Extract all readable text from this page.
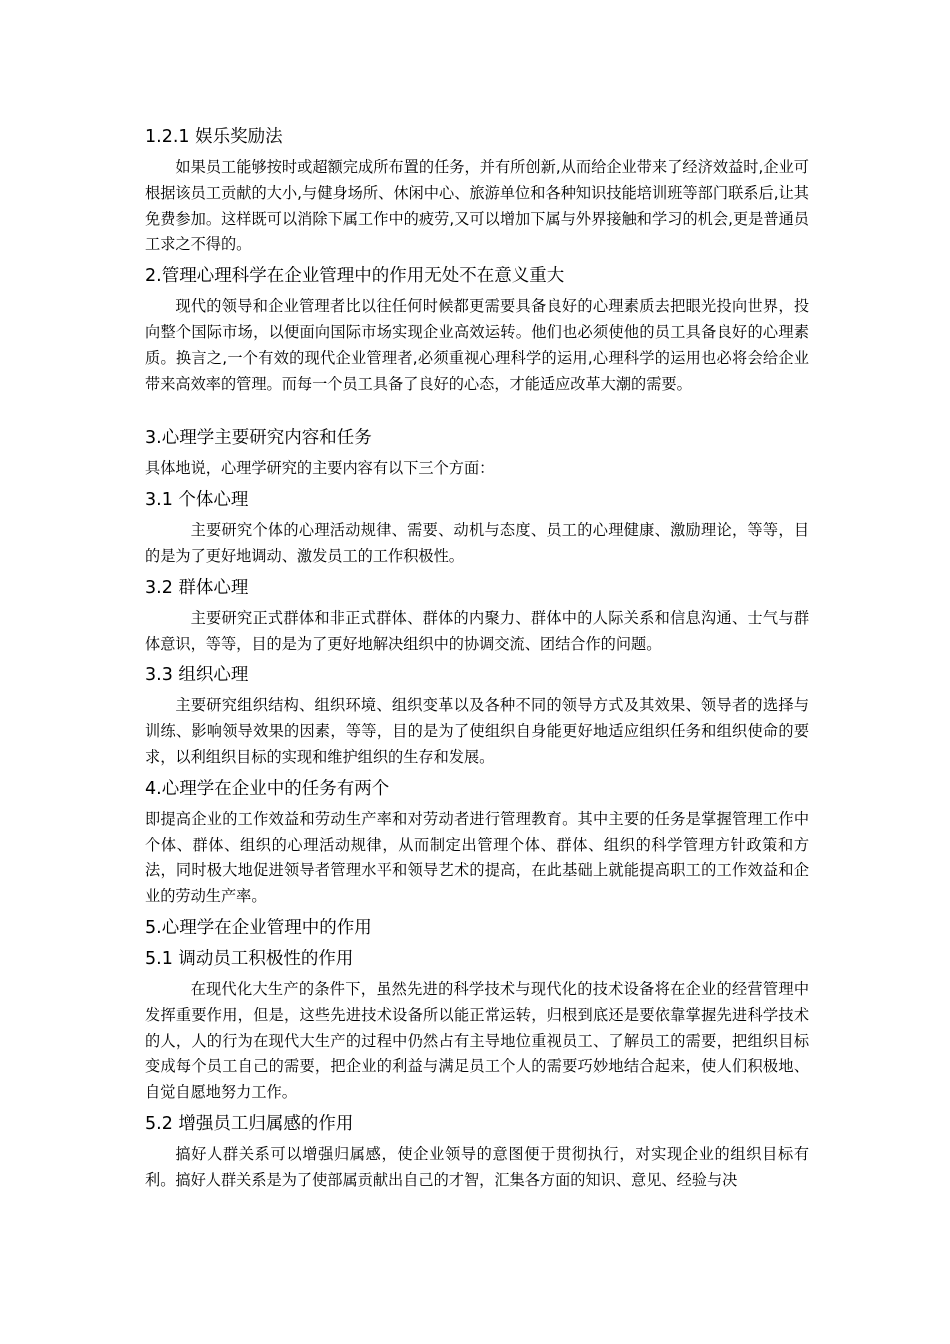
1.2.1 娱乐奖励法

如果员工能够按时或超额完成所布置的任务，并有所创新,从而给企业带来了经济效益时,企业可根据该员工贡献的大小,与健身场所、休闲中心、旅游单位和各种知识技能培训班等部门联系后,让其免费参加。这样既可以消除下属工作中的疲劳,又可以增加下属与外界接触和学习的机会,更是普通员工求之不得的。

2.管理心理科学在企业管理中的作用无处不在意义重大

现代的领导和企业管理者比以往任何时候都更需要具备良好的心理素质去把眼光投向世界，投向整个国际市场，以便面向国际市场实现企业高效运转。他们也必须使他的员工具备良好的心理素质。换言之,一个有效的现代企业管理者,必须重视心理科学的运用,心理科学的运用也必将会给企业带来高效率的管理。而每一个员工具备了良好的心态，才能适应改革大潮的需要。

3.心理学主要研究内容和任务

具体地说，心理学研究的主要内容有以下三个方面：

3.1 个体心理

主要研究个体的心理活动规律、需要、动机与态度、员工的心理健康、激励理论，等等，目的是为了更好地调动、激发员工的工作积极性。

3.2 群体心理

主要研究正式群体和非正式群体、群体的内聚力、群体中的人际关系和信息沟通、士气与群体意识，等等，目的是为了更好地解决组织中的协调交流、团结合作的问题。

3.3 组织心理

主要研究组织结构、组织环境、组织变革以及各种不同的领导方式及其效果、领导者的选择与训练、影响领导效果的因素，等等，目的是为了使组织自身能更好地适应组织任务和组织使命的要求，以利组织目标的实现和维护组织的生存和发展。

4.心理学在企业中的任务有两个

即提高企业的工作效益和劳动生产率和对劳动者进行管理教育。其中主要的任务是掌握管理工作中个体、群体、组织的心理活动规律，从而制定出管理个体、群体、组织的科学管理方针政策和方法，同时极大地促进领导者管理水平和领导艺术的提高，在此基础上就能提高职工的工作效益和企业的劳动生产率。

5.心理学在企业管理中的作用
5.1 调动员工积极性的作用

在现代化大生产的条件下，虽然先进的科学技术与现代化的技术设备将在企业的经营管理中发挥重要作用，但是，这些先进技术设备所以能正常运转，归根到底还是要依靠掌握先进科学技术的人，人的行为在现代大生产的过程中仍然占有主导地位重视员工、了解员工的需要，把组织目标变成每个员工自己的需要，把企业的利益与满足员工个人的需要巧妙地结合起来，使人们积极地、自觉自愿地努力工作。

5.2 增强员工归属感的作用

搞好人群关系可以增强归属感，使企业领导的意图便于贯彻执行，对实现企业的组织目标有利。搞好人群关系是为了使部属贡献出自己的才智，汇集各方面的知识、意见、经验与决
